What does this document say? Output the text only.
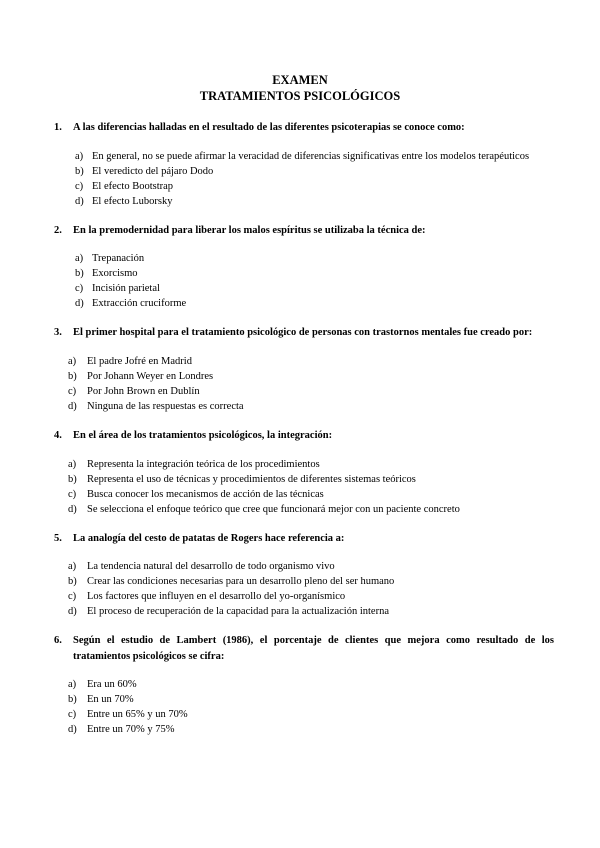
EXAMEN
TRATAMIENTOS PSICOLÓGICOS
1. A las diferencias halladas en el resultado de las diferentes psicoterapias se conoce como:
a) En general, no se puede afirmar la veracidad de diferencias significativas entre los modelos terapéuticos
b) El veredicto del pájaro Dodo
c) El efecto Bootstrap
d) El efecto Luborsky
2. En la premodernidad para liberar los malos espíritus se utilizaba la técnica de:
a) Trepanación
b) Exorcismo
c) Incisión parietal
d) Extracción cruciforme
3. El primer hospital para el tratamiento psicológico de personas con trastornos mentales fue creado por:
a) El padre Jofré en Madrid
b) Por Johann Weyer en Londres
c) Por John Brown en Dublín
d) Ninguna de las respuestas es correcta
4. En el área de los tratamientos psicológicos, la integración:
a) Representa la integración teórica de los procedimientos
b) Representa el uso de técnicas y procedimientos de diferentes sistemas teóricos
c) Busca conocer los mecanismos de acción de las técnicas
d) Se selecciona el enfoque teórico que cree que funcionará mejor con un paciente concreto
5. La analogía del cesto de patatas de Rogers hace referencia a:
a) La tendencia natural del desarrollo de todo organismo vivo
b) Crear las condiciones necesarias para un desarrollo pleno del ser humano
c) Los factores que influyen en el desarrollo del yo-organísmico
d) El proceso de recuperación de la capacidad para la actualización interna
6. Según el estudio de Lambert (1986), el porcentaje de clientes que mejora como resultado de los tratamientos psicológicos se cifra:
a) Era un 60%
b) En un 70%
c) Entre un 65% y un 70%
d) Entre un 70% y 75%
